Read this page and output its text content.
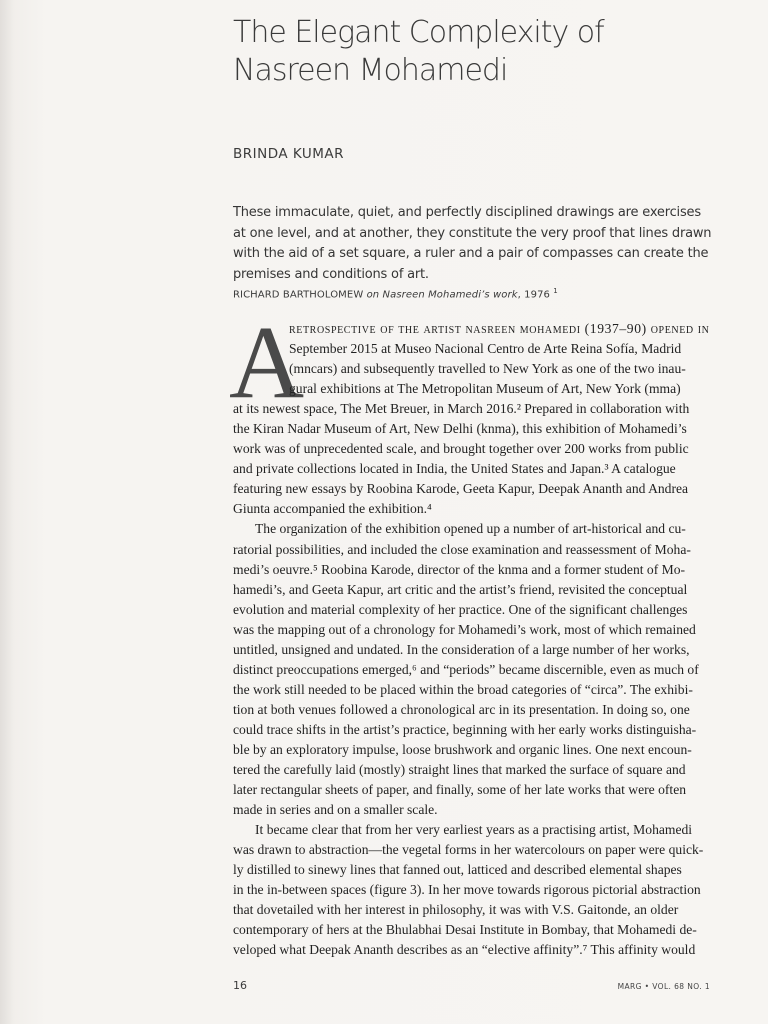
The Elegant Complexity of
Nasreen Mohamedi
BRINDA KUMAR
These immaculate, quiet, and perfectly disciplined drawings are exercises
at one level, and at another, they constitute the very proof that lines drawn
with the aid of a set square, a ruler and a pair of compasses can create the
premises and conditions of art.
RICHARD BARTHOLOMEW on Nasreen Mohamedi’s work, 1976 $^1$
A
retrospective of the artist nasreen mohamedi (1937–90) opened in
September 2015 at Museo Nacional Centro de Arte Reina Sofía, Madrid
(mncars) and subsequently travelled to New York as one of the two inau-
gural exhibitions at The Metropolitan Museum of Art, New York (mma)
at its newest space, The Met Breuer, in March 2016.² Prepared in collaboration with
the Kiran Nadar Museum of Art, New Delhi (knma), this exhibition of Mohamedi’s
work was of unprecedented scale, and brought together over 200 works from public
and private collections located in India, the United States and Japan.³ A catalogue
featuring new essays by Roobina Karode, Geeta Kapur, Deepak Ananth and Andrea
Giunta accompanied the exhibition.⁴
The organization of the exhibition opened up a number of art-historical and cu-
ratorial possibilities, and included the close examination and reassessment of Moha-
medi’s oeuvre.⁵ Roobina Karode, director of the knma and a former student of Mo-
hamedi’s, and Geeta Kapur, art critic and the artist’s friend, revisited the conceptual
evolution and material complexity of her practice. One of the significant challenges
was the mapping out of a chronology for Mohamedi’s work, most of which remained
untitled, unsigned and undated. In the consideration of a large number of her works,
distinct preoccupations emerged,⁶ and “periods” became discernible, even as much of
the work still needed to be placed within the broad categories of “circa”. The exhibi-
tion at both venues followed a chronological arc in its presentation. In doing so, one
could trace shifts in the artist’s practice, beginning with her early works distinguisha-
ble by an exploratory impulse, loose brushwork and organic lines. One next encoun-
tered the carefully laid (mostly) straight lines that marked the surface of square and
later rectangular sheets of paper, and finally, some of her late works that were often
made in series and on a smaller scale.
It became clear that from her very earliest years as a practising artist, Mohamedi
was drawn to abstraction—the vegetal forms in her watercolours on paper were quick-
ly distilled to sinewy lines that fanned out, latticed and described elemental shapes
in the in-between spaces (figure 3). In her move towards rigorous pictorial abstraction
that dovetailed with her interest in philosophy, it was with V.S. Gaitonde, an older
contemporary of hers at the Bhulabhai Desai Institute in Bombay, that Mohamedi de-
veloped what Deepak Ananth describes as an “elective affinity”.⁷ This affinity would
16	MARG • VOL. 68 NO. 1
